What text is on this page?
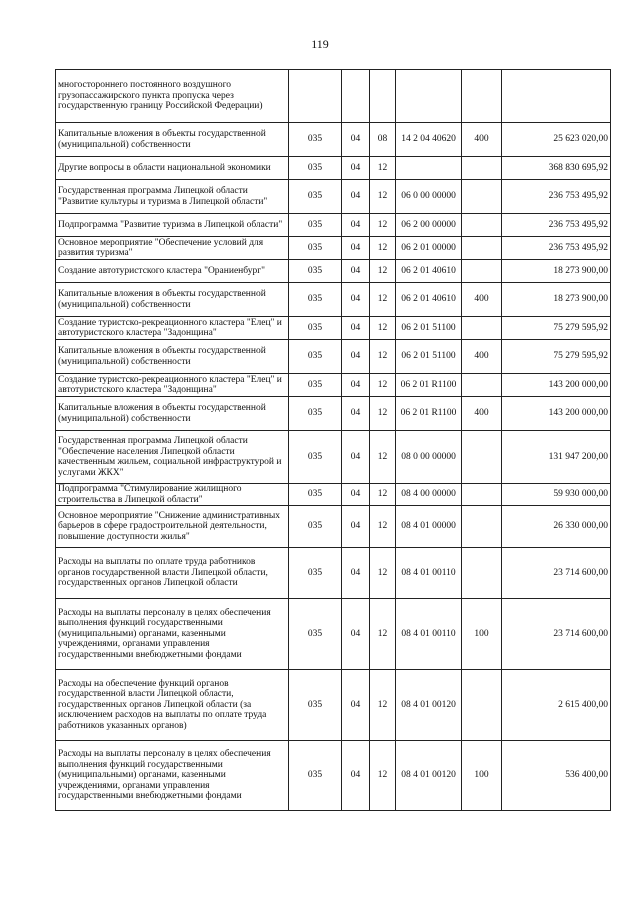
119
многостороннего постоянного воздушного грузопассажирского пункта пропуска через государственную границу Российской Федерации)						
Капитальные вложения в объекты государственной (муниципальной) собственности	035	04	08	14 2 04 40620	400	25 623 020,00
Другие вопросы в области национальной экономики	035	04	12			368 830 695,92
Государственная программа Липецкой области "Развитие культуры и туризма в Липецкой области"	035	04	12	06 0 00 00000		236 753 495,92
Подпрограмма "Развитие туризма в Липецкой области"	035	04	12	06 2 00 00000		236 753 495,92
Основное мероприятие "Обеспечение условий для развития туризма"	035	04	12	06 2 01 00000		236 753 495,92
Создание автотуристского кластера "Ораниенбург"	035	04	12	06 2 01 40610		18 273 900,00
Капитальные вложения в объекты государственной (муниципальной) собственности	035	04	12	06 2 01 40610	400	18 273 900,00
Создание туристско-рекреационного кластера "Елец" и автотуристского кластера "Задонщина"	035	04	12	06 2 01 51100		75 279 595,92
Капитальные вложения в объекты государственной (муниципальной) собственности	035	04	12	06 2 01 51100	400	75 279 595,92
Создание туристско-рекреационного кластера "Елец" и автотуристского кластера "Задонщина"	035	04	12	06 2 01 R1100		143 200 000,00
Капитальные вложения в объекты государственной (муниципальной) собственности	035	04	12	06 2 01 R1100	400	143 200 000,00
Государственная программа Липецкой области "Обеспечение населения Липецкой области качественным жильем, социальной инфраструктурой и услугами ЖКХ"	035	04	12	08 0 00 00000		131 947 200,00
Подпрограмма "Стимулирование жилищного строительства в Липецкой области"	035	04	12	08 4 00 00000		59 930 000,00
Основное мероприятие "Снижение административных барьеров в сфере градостроительной деятельности, повышение доступности жилья"	035	04	12	08 4 01 00000		26 330 000,00
Расходы на выплаты по оплате труда работников органов государственной власти Липецкой области, государственных органов Липецкой области	035	04	12	08 4 01 00110		23 714 600,00
Расходы на выплаты персоналу в целях обеспечения выполнения функций государственными (муниципальными) органами, казенными учреждениями, органами управления государственными внебюджетными фондами	035	04	12	08 4 01 00110	100	23 714 600,00
Расходы на обеспечение функций органов государственной власти Липецкой области, государственных органов Липецкой области (за исключением расходов на выплаты по оплате труда работников указанных органов)	035	04	12	08 4 01 00120		2 615 400,00
Расходы на выплаты персоналу в целях обеспечения выполнения функций государственными (муниципальными) органами, казенными учреждениями, органами управления государственными внебюджетными фондами	035	04	12	08 4 01 00120	100	536 400,00
